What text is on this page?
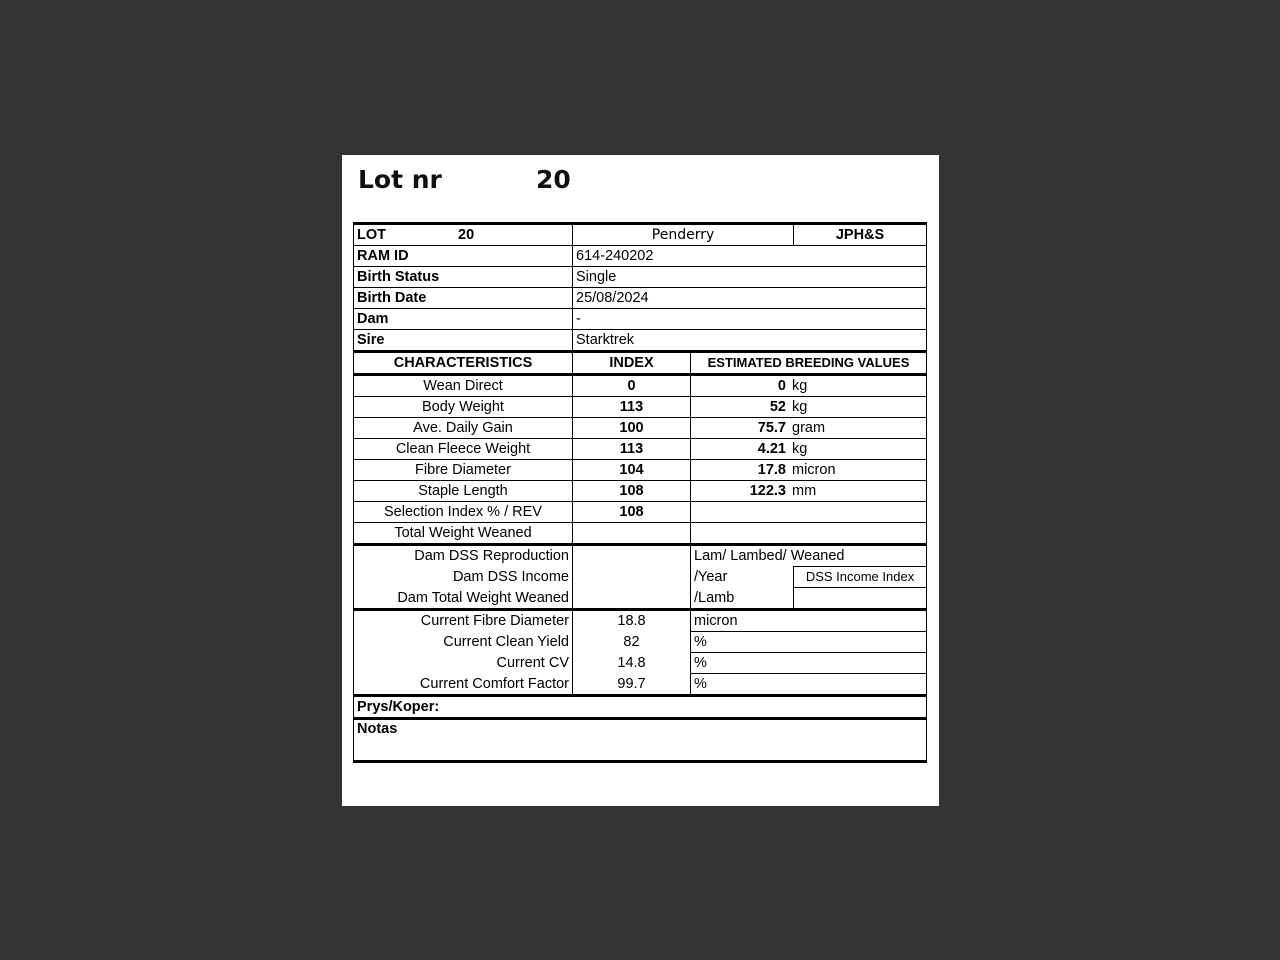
Lot nr	20
LOT 20	Penderry		JPH&S
RAM ID	614-240202		
Birth Status	Single		
Birth Date	25/08/2024		
Dam	-		
Sire	Starktrek		
CHARACTERISTICS	INDEX	ESTIMATED BREEDING VALUES	
Wean Direct	0	0 kg	
Body Weight	113	52 kg	
Ave. Daily Gain	100	75.7 gram	
Clean Fleece Weight	113	4.21 kg	
Fibre Diameter	104	17.8 micron	
Staple Length	108	122.3 mm	
Selection Index % / REV	108		
Total Weight Weaned			
Dam DSS Reproduction		Lam/ Lambed/ Weaned	
Dam DSS Income		/Year	DSS Income Index
Dam Total Weight Weaned		/Lamb	
Current Fibre Diameter	18.8	micron	
Current Clean Yield	82	%	
Current CV	14.8	%	
Current Comfort Factor	99.7	%	
Prys/Koper:			
Notas			
